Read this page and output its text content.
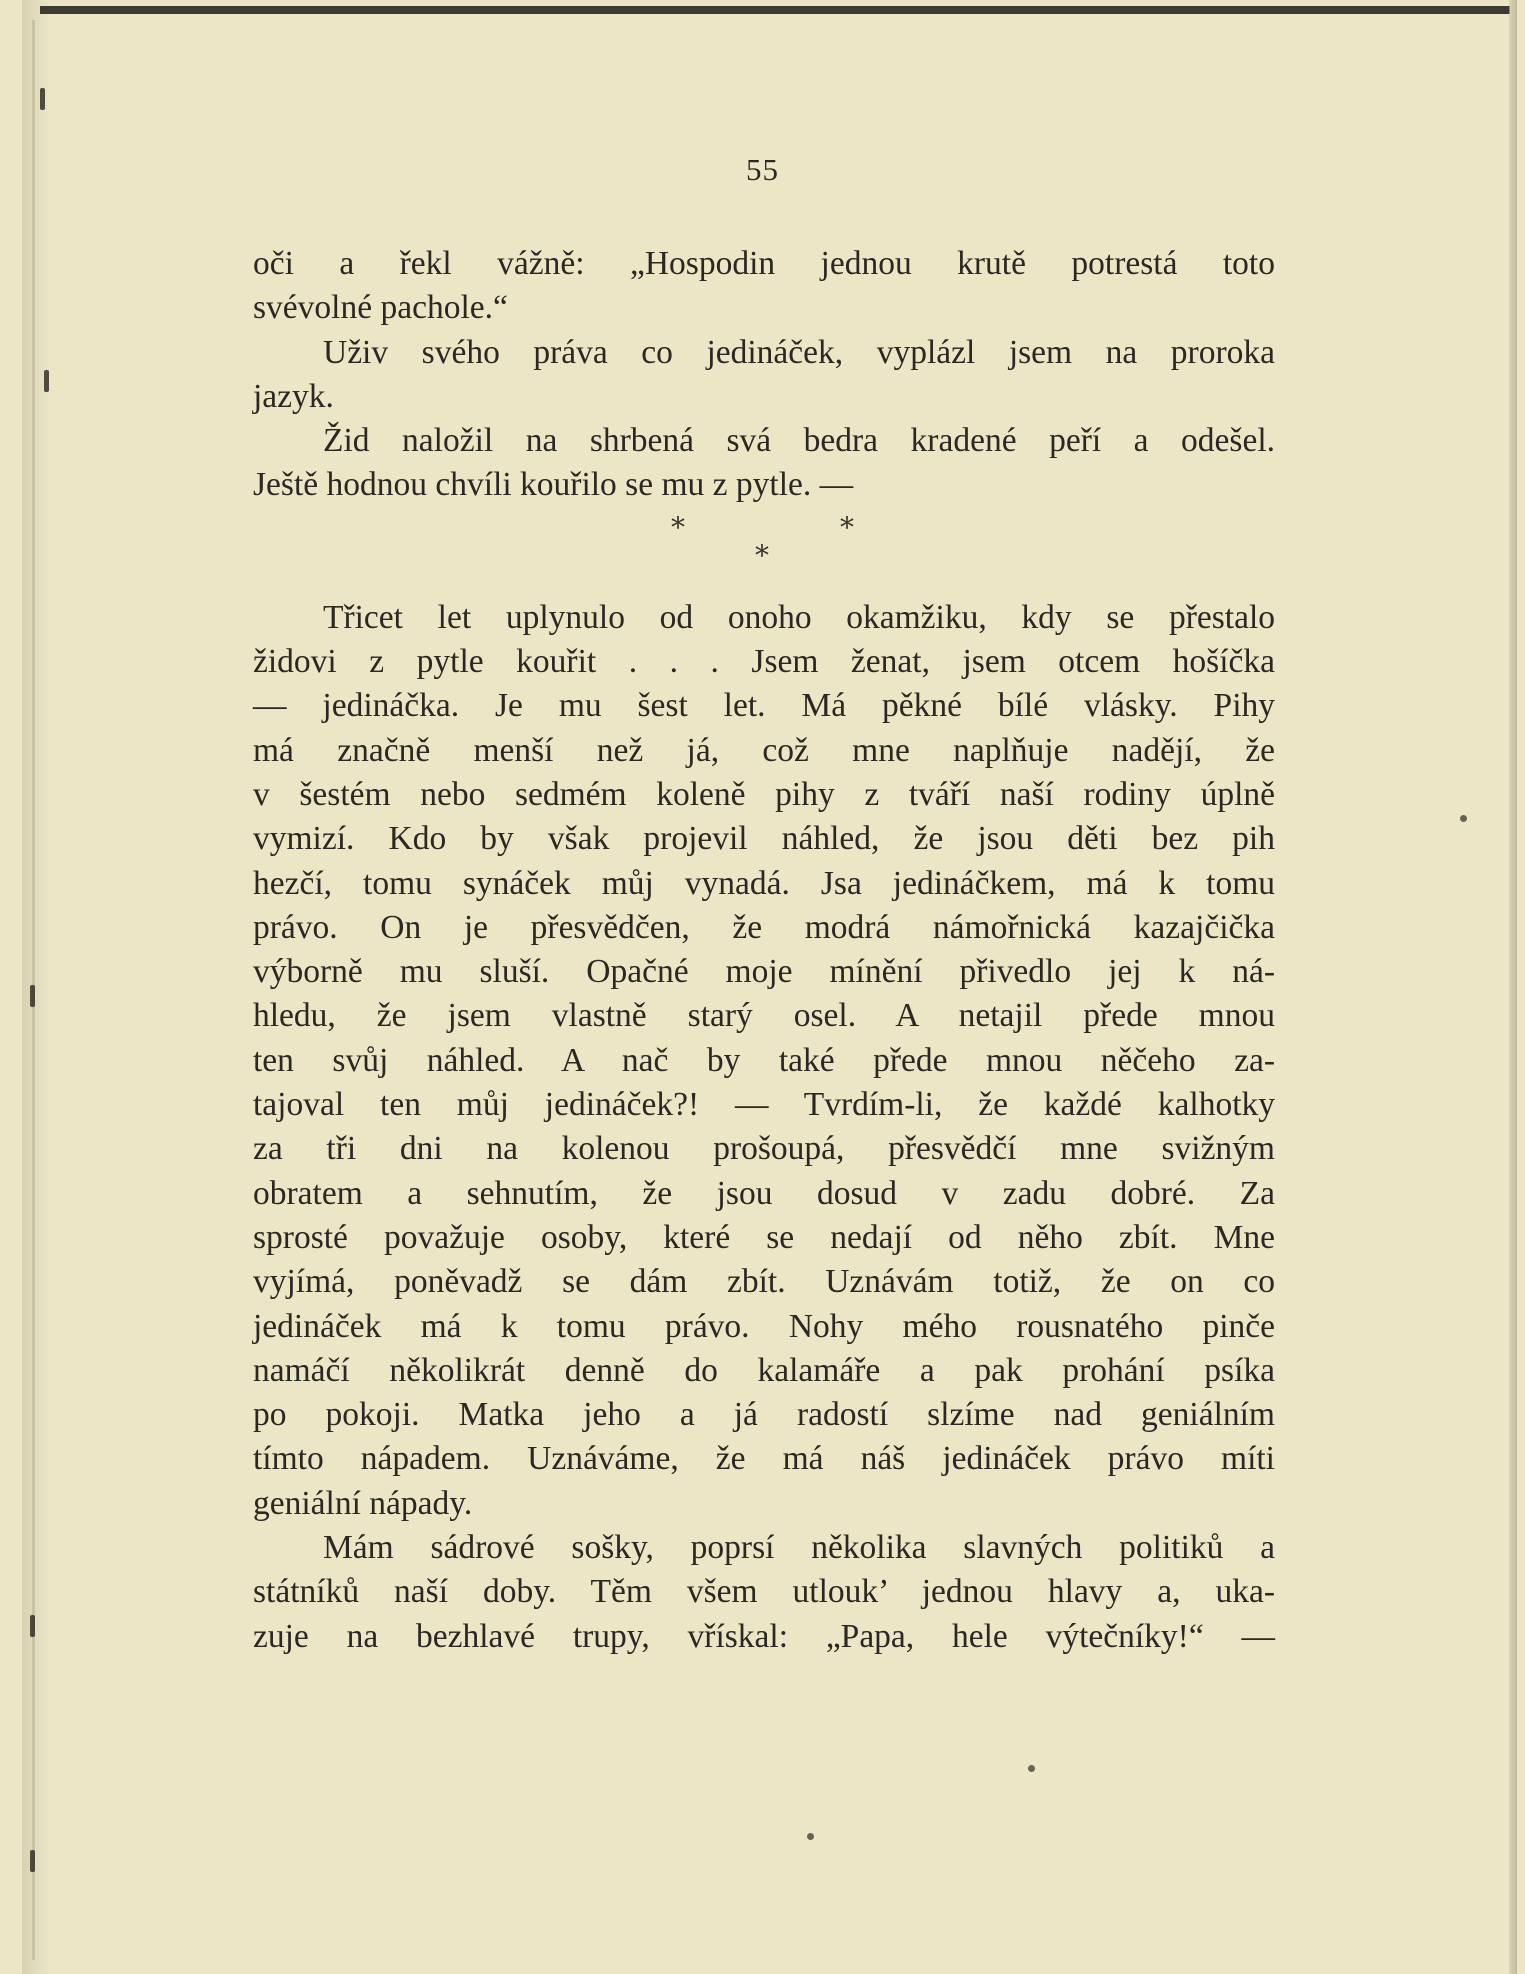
55
oči a řekl vážně: „Hospodin jednou krutě potrestá toto
svévolné pachole.“
Uživ svého práva co jedináček, vyplázl jsem na proroka
jazyk.
Žid naložil na shrbená svá bedra kradené peří a odešel.
Ještě hodnou chvíli kouřilo se mu z pytle. —
*	*
*
Třicet let uplynulo od onoho okamžiku, kdy se přestalo
židovi z pytle kouřit . . . Jsem ženat, jsem otcem hošíčka
— jedináčka. Je mu šest let. Má pěkné bílé vlásky. Pihy
má značně menší než já, což mne naplňuje nadějí, že
v šestém nebo sedmém koleně pihy z tváří naší rodiny úplně
vymizí. Kdo by však projevil náhled, že jsou děti bez pih
hezčí, tomu synáček můj vynadá. Jsa jedináčkem, má k tomu
právo. On je přesvědčen, že modrá námořnická kazajčička
výborně mu sluší. Opačné moje mínění přivedlo jej k ná-
hledu, že jsem vlastně starý osel. A netajil přede mnou
ten svůj náhled. A nač by také přede mnou něčeho za-
tajoval ten můj jedináček?! — Tvrdím-li, že každé kalhotky
za tři dni na kolenou prošoupá, přesvědčí mne svižným
obratem a sehnutím, že jsou dosud v zadu dobré. Za
sprosté považuje osoby, které se nedají od něho zbít. Mne
vyjímá, poněvadž se dám zbít. Uznávám totiž, že on co
jedináček má k tomu právo. Nohy mého rousnatého pinče
namáčí několikrát denně do kalamáře a pak prohání psíka
po pokoji. Matka jeho a já radostí slzíme nad geniálním
tímto nápadem. Uznáváme, že má náš jedináček právo míti
geniální nápady.
Mám sádrové sošky, poprsí několika slavných politiků a
státníků naší doby. Těm všem utlouk’ jednou hlavy a, uka-
zuje na bezhlavé trupy, vřískal: „Papa, hele výtečníky!“ —
